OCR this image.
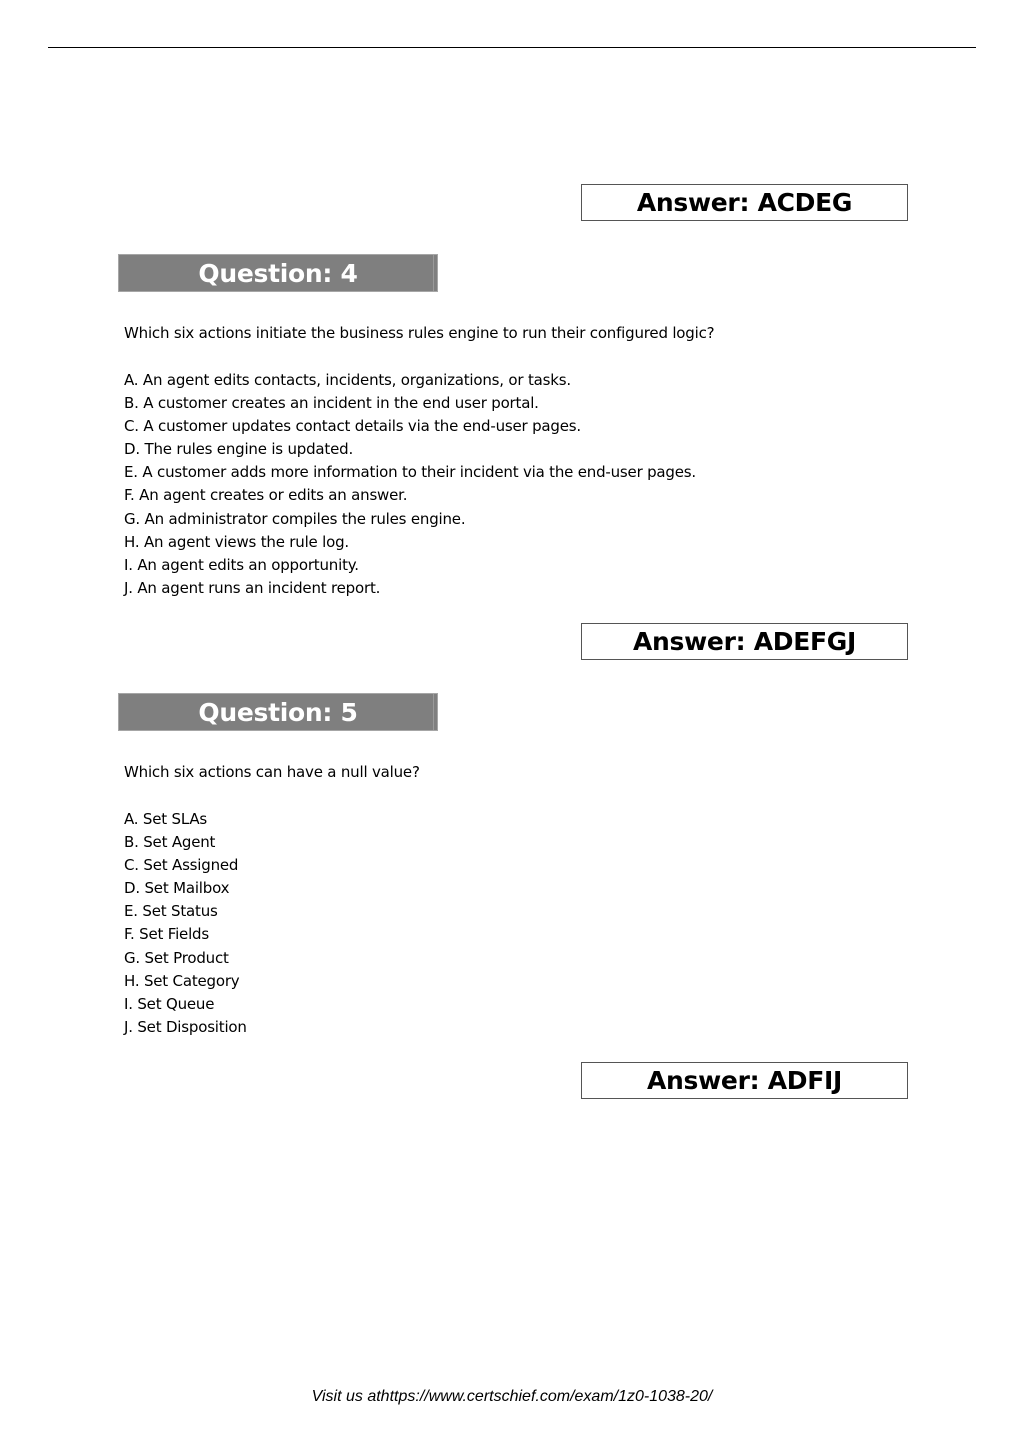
Answer: ACDEG
Question: 4
Which six actions initiate the business rules engine to run their configured logic?
A. An agent edits contacts, incidents, organizations, or tasks.
B. A customer creates an incident in the end user portal.
C. A customer updates contact details via the end-user pages.
D. The rules engine is updated.
E. A customer adds more information to their incident via the end-user pages.
F. An agent creates or edits an answer.
G. An administrator compiles the rules engine.
H. An agent views the rule log.
I. An agent edits an opportunity.
J. An agent runs an incident report.
Answer: ADEFGJ
Question: 5
Which six actions can have a null value?
A. Set SLAs
B. Set Agent
C. Set Assigned
D. Set Mailbox
E. Set Status
F. Set Fields
G. Set Product
H. Set Category
I. Set Queue
J. Set Disposition
Answer: ADFIJ
Visit us athttps://www.certschief.com/exam/1z0-1038-20/
